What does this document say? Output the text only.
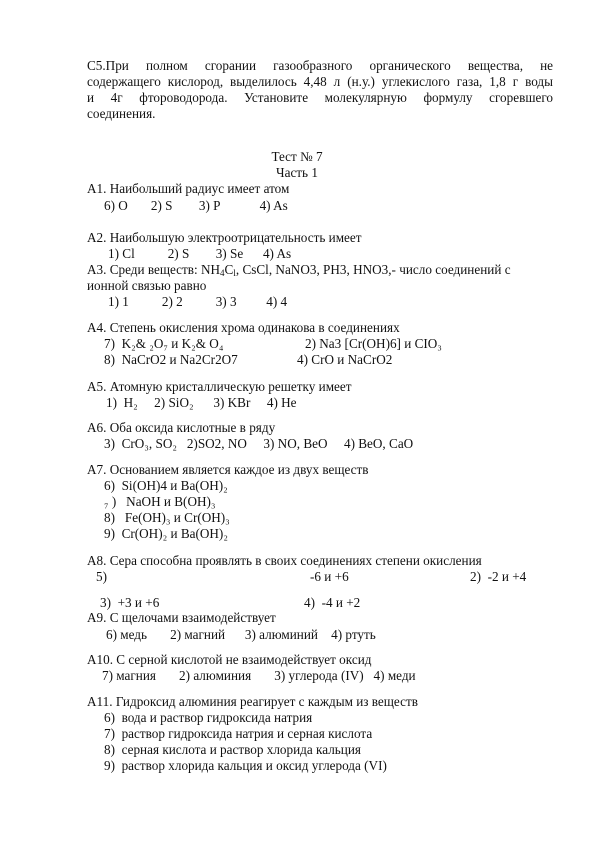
С5.При полном сгорании газообразного органического вещества, не
содержащего кислород, выделилось 4,48 л (н.у.) углекислого газа, 1,8 г воды
и 4г фтороводорода. Установите молекулярную формулу сгоревшего
соединения.
Тест № 7
Часть 1
А1. Наибольший радиус имеет атом
6) O       2) S        3) P            4) As
А2. Наибольшую электроотрицательность имеет
1) Cl          2) S        3) Se      4) As
А3. Среди веществ: $NH_4C_l$, CsCl, NaNO3, PH3, HNO3,- число соединений с
ионной связью равно
1) 1          2) 2          3) 3         4) 4
А4. Степень окисления хрома одинакова в соединениях
7)  K₂& ₂O₇ и K₂& O₄	2) Na3 [Cr(OH)6] и CIO₃
8)  NaCrO2 и Na2Cr2O7	4) CrO и NaCrO2
А5. Атомную кристаллическую решетку имеет
1)  H₂     2) SiO₂      3) KBr     4) He
А6. Оба оксида кислотные в ряду
3)  CrO₃, SO₂   2)SO2, NO     3) NO, BeO     4) BeO, CaO
А7. Основанием является каждое из двух веществ
6)  Si(OH)4 и Ba(OH)₂
₇ )   NaOH и B(OH)₃
8)   Fe(OH)₃ и Cr(OH)₃
9)  Cr(OH)₂ и Ba(OH)₂
А8. Сера способна проявлять в своих соединениях степени окисления
5)	-6 и +6	2)  -2 и +4
3)  +3 и +6	4)  -4 и +2
А9. С щелочами взаимодействует
6) медь       2) магний      3) алюминий    4) ртуть
А10. С серной кислотой не взаимодействует оксид
7) магния       2) алюминия       3) углерода (IV)   4) меди
А11. Гидроксид алюминия реагирует с каждым из веществ
6)  вода и раствор гидроксида натрия
7)  раствор гидроксида натрия и серная кислота
8)  серная кислота и раствор хлорида кальция
9)  раствор хлорида кальция и оксид углерода (VI)
